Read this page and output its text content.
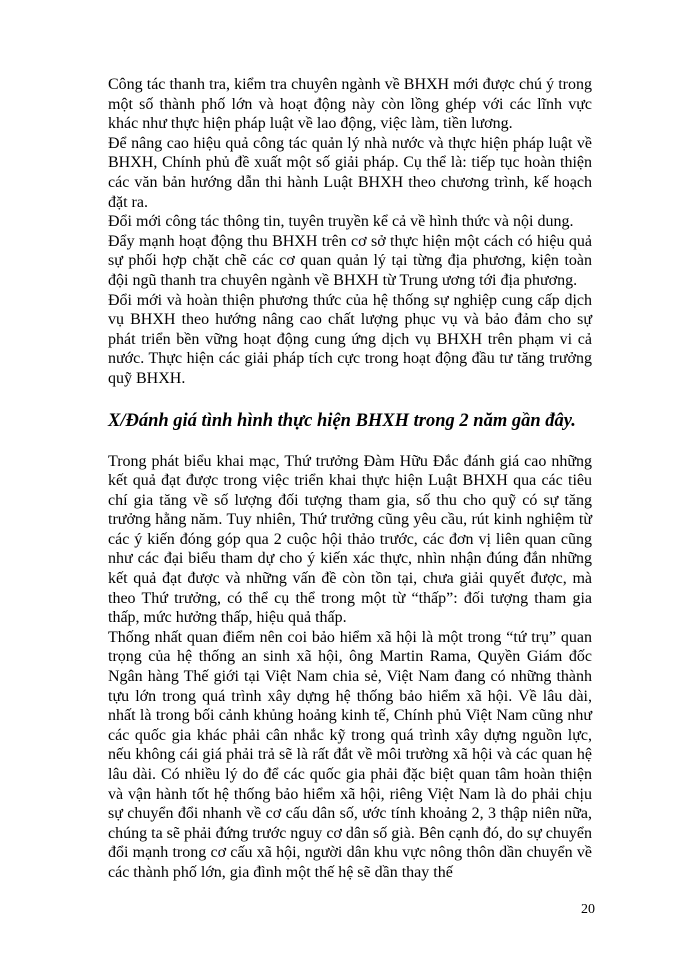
Công tác thanh tra, kiểm tra chuyên ngành về BHXH mới được chú ý trong một số thành phố lớn và hoạt động này còn lồng ghép với các lĩnh vực khác như thực hiện pháp luật về lao động, việc làm, tiền lương.

Để nâng cao hiệu quả công tác quản lý nhà nước và thực hiện pháp luật về BHXH, Chính phủ đề xuất một số giải pháp. Cụ thể là: tiếp tục hoàn thiện các văn bản hướng dẫn thi hành Luật BHXH theo chương trình, kế hoạch đặt ra.

Đổi mới công tác thông tin, tuyên truyền kể cả về hình thức và nội dung.

Đẩy mạnh hoạt động thu BHXH trên cơ sở thực hiện một cách có hiệu quả sự phối hợp chặt chẽ các cơ quan quản lý tại từng địa phương, kiện toàn đội ngũ thanh tra chuyên ngành về BHXH từ Trung ương tới địa phương.

Đổi mới và hoàn thiện phương thức của hệ thống sự nghiệp cung cấp dịch vụ BHXH theo hướng nâng cao chất lượng phục vụ và bảo đảm cho sự phát triển bền vững hoạt động cung ứng dịch vụ BHXH trên phạm vi cả nước. Thực hiện các giải pháp tích cực trong hoạt động đầu tư tăng trưởng quỹ BHXH.

X/Đánh giá tình hình thực hiện BHXH trong 2 năm gần đây.

Trong phát biểu khai mạc, Thứ trưởng Đàm Hữu Đắc đánh giá cao những kết quả đạt được trong việc triển khai thực hiện Luật BHXH qua các tiêu chí gia tăng về số lượng đối tượng tham gia, số thu cho quỹ có sự tăng trưởng hằng năm. Tuy nhiên, Thứ trưởng cũng yêu cầu, rút kinh nghiệm từ các ý kiến đóng góp qua 2 cuộc hội thảo trước, các đơn vị liên quan cũng như các đại biểu tham dự cho ý kiến xác thực, nhìn nhận đúng đắn những kết quả đạt được và những vấn đề còn tồn tại, chưa giải quyết được, mà theo Thứ trưởng, có thể cụ thể trong một từ “thấp”: đối tượng tham gia thấp, mức hưởng thấp, hiệu quả thấp.

Thống nhất quan điểm nên coi bảo hiểm xã hội là một trong “tứ trụ” quan trọng của hệ thống an sinh xã hội, ông Martin Rama, Quyền Giám đốc Ngân hàng Thế giới tại Việt Nam chia sẻ, Việt Nam đang có những thành tựu lớn trong quá trình xây dựng hệ thống bảo hiểm xã hội. Về lâu dài, nhất là trong bối cảnh khủng hoảng kinh tế, Chính phủ Việt Nam cũng như các quốc gia khác phải cân nhắc kỹ trong quá trình xây dựng nguồn lực, nếu không cái giá phải trả sẽ là rất đắt về môi trường xã hội và các quan hệ lâu dài. Có nhiều lý do để các quốc gia phải đặc biệt quan tâm hoàn thiện và vận hành tốt hệ thống bảo hiểm xã hội, riêng Việt Nam là do phải chịu sự chuyển đổi nhanh về cơ cấu dân số, ước tính khoảng 2, 3 thập niên nữa, chúng ta sẽ phải đứng trước nguy cơ dân số già. Bên cạnh đó, do sự chuyển đổi mạnh trong cơ cấu xã hội, người dân khu vực nông thôn dần chuyển về các thành phố lớn, gia đình một thế hệ sẽ dần thay thế

20
